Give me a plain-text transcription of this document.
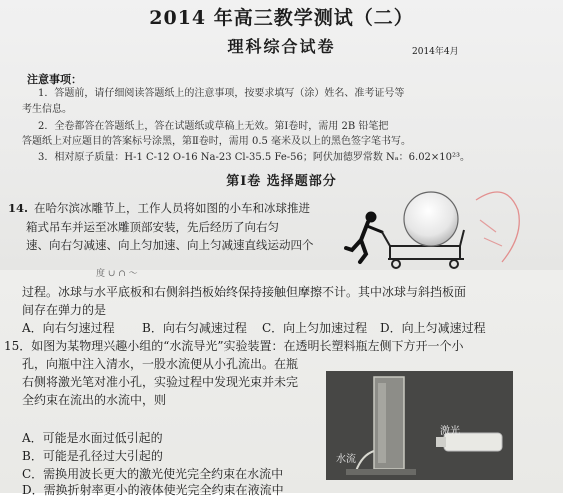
2014 年高三教学测试（二）
理科综合试卷	2014年4月
注意事项：
1．答题前，请仔细阅读答题纸上的注意事项，按要求填写（涂）姓名、准考证号等
考生信息。
2．全卷都答在答题纸上，答在试题纸或草稿上无效。第Ⅰ卷时，需用 2B 铅笔把
答题纸上对应题目的答案标号涂黑，第Ⅱ卷时，需用 0.5 毫米及以上的黑色签字笔书写。
3．相对原子质量：H-1 C-12 O-16 Na-23 Cl-35.5 Fe-56；阿伏加德罗常数 Nₐ：6.02×10²³。
第Ⅰ卷 选择题部分
14. 在哈尔滨冰雕节上，工作人员将如图的小车和冰球推进
箱式吊车并运至冰雕顶部安装，先后经历了向右匀
速、向右匀减速、向上匀加速、向上匀减速直线运动四个
度 ∪ ∩ ～
过程。冰球与水平底板和右侧斜挡板始终保持接触但摩擦不计。其中冰球与斜挡板面
间存在弹力的是
A．向右匀速过程 B．向右匀减速过程 C．向上匀加速过程 D．向上匀减速过程
15．如图为某物理兴趣小组的“水流导光”实验装置：在透明长塑料瓶左侧下方开一个小
孔，向瓶中注入清水，一股水流便从小孔流出。在瓶
右侧将激光笔对准小孔，实验过程中发现光束并未完
全约束在流出的水流中，则
水流
激光
A．可能是水面过低引起的
B．可能是孔径过大引起的
C．需换用波长更大的激光使光完全约束在水流中
D．需换折射率更小的液体使光完全约束在液流中
